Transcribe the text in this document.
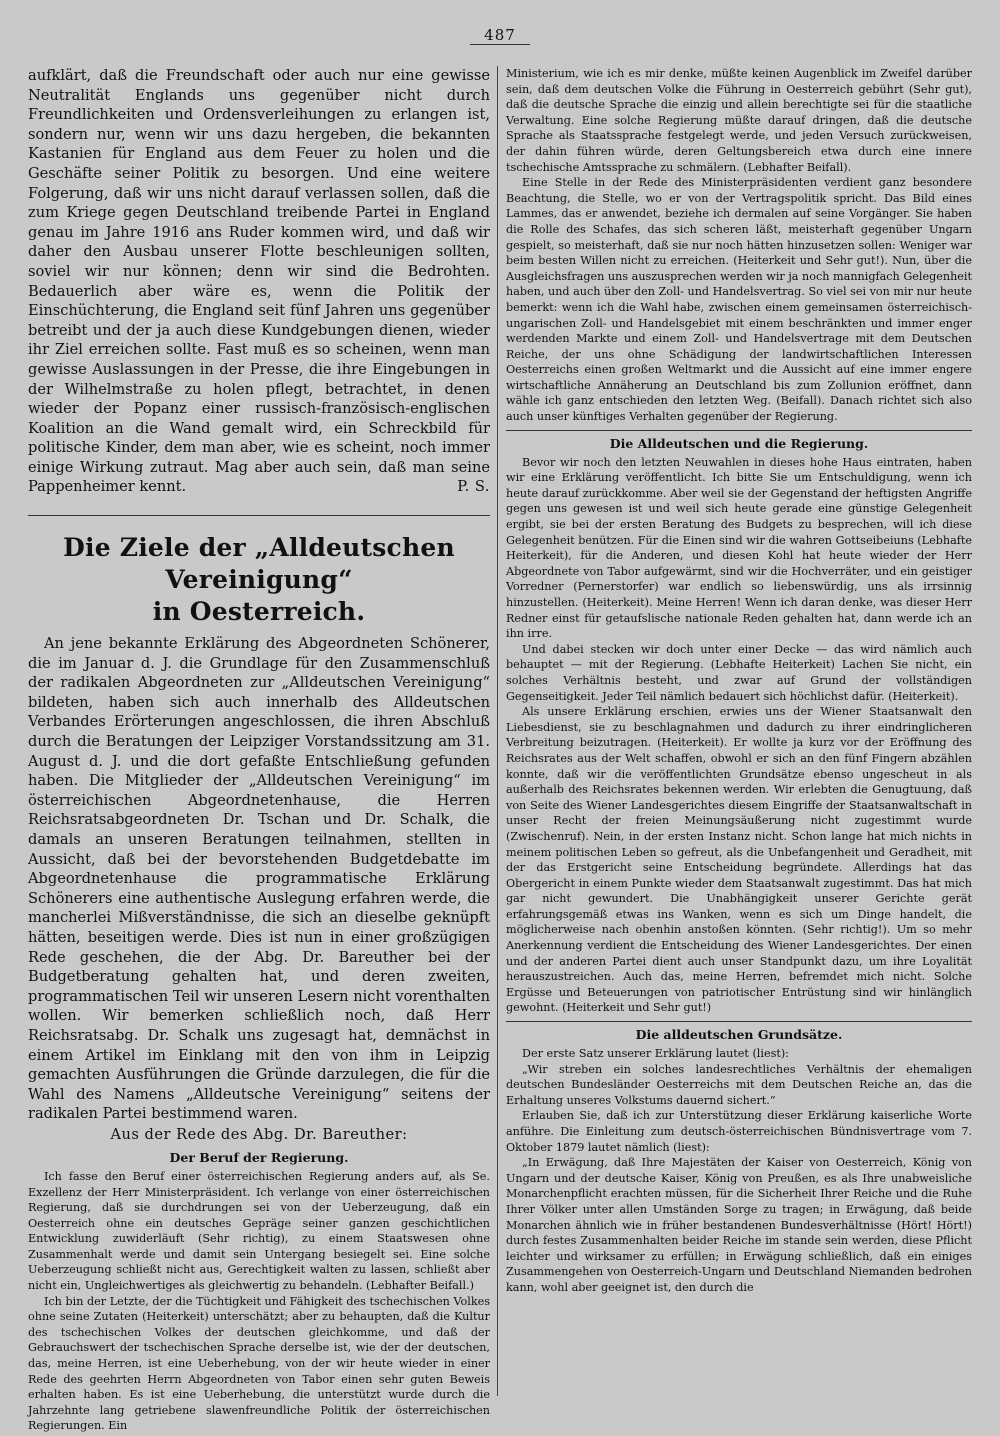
487

aufklärt, daß die Freundschaft oder auch nur eine gewisse Neutralität Englands uns gegenüber nicht durch Freundlichkeiten und Ordensverleihungen zu erlangen ist, sondern nur, wenn wir uns dazu hergeben, die bekannten Kastanien für England aus dem Feuer zu holen und die Geschäfte seiner Politik zu besorgen. Und eine weitere Folgerung, daß wir uns nicht darauf verlassen sollen, daß die zum Kriege gegen Deutschland treibende Partei in England genau im Jahre 1916 ans Ruder kommen wird, und daß wir daher den Ausbau unserer Flotte beschleunigen sollten, soviel wir nur können; denn wir sind die Bedrohten. Bedauerlich aber wäre es, wenn die Politik der Einschüchterung, die England seit fünf Jahren uns gegenüber betreibt und der ja auch diese Kundgebungen dienen, wieder ihr Ziel erreichen sollte. Fast muß es so scheinen, wenn man gewisse Auslassungen in der Presse, die ihre Eingebungen in der Wilhelmstraße zu holen pflegt, betrachtet, in denen wieder der Popanz einer russisch-französisch-englischen Koalition an die Wand gemalt wird, ein Schreckbild für politische Kinder, dem man aber, wie es scheint, noch immer einige Wirkung zutraut. Mag aber auch sein, daß man seine Pappenheimer kennt.	P. S.

Die Ziele der „Alldeutschen Vereinigung“
in Oesterreich.

An jene bekannte Erklärung des Abgeordneten Schönerer, die im Januar d. J. die Grundlage für den Zusammenschluß der radikalen Abgeordneten zur „Alldeutschen Vereinigung“ bildeten, haben sich auch innerhalb des Alldeutschen Verbandes Erörterungen angeschlossen, die ihren Abschluß durch die Beratungen der Leipziger Vorstandssitzung am 31. August d. J. und die dort gefaßte Entschließung gefunden haben. Die Mitglieder der „Alldeutschen Vereinigung“ im österreichischen Abgeordnetenhause, die Herren Reichsratsabgeordneten Dr. Tschan und Dr. Schalk, die damals an unseren Beratungen teilnahmen, stellten in Aussicht, daß bei der bevorstehenden Budgetdebatte im Abgeordnetenhause die programmatische Erklärung Schönerers eine authentische Auslegung erfahren werde, die mancherlei Mißverständnisse, die sich an dieselbe geknüpft hätten, beseitigen werde. Dies ist nun in einer großzügigen Rede geschehen, die der Abg. Dr. Bareuther bei der Budgetberatung gehalten hat, und deren zweiten, programmatischen Teil wir unseren Lesern nicht vorenthalten wollen. Wir bemerken schließlich noch, daß Herr Reichsratsabg. Dr. Schalk uns zugesagt hat, demnächst in einem Artikel im Einklang mit den von ihm in Leipzig gemachten Ausführungen die Gründe darzulegen, die für die Wahl des Namens „Alldeutsche Vereinigung“ seitens der radikalen Partei bestimmend waren.

Aus der Rede des Abg. Dr. Bareuther:
Der Beruf der Regierung.

Ich fasse den Beruf einer österreichischen Regierung anders auf, als Se. Exzellenz der Herr Ministerpräsident. Ich verlange von einer österreichischen Regierung, daß sie durchdrungen sei von der Ueberzeugung, daß ein Oesterreich ohne ein deutsches Gepräge seiner ganzen geschichtlichen Entwicklung zuwiderläuft (Sehr richtig), zu einem Staatswesen ohne Zusammenhalt werde und damit sein Untergang besiegelt sei. Eine solche Ueberzeugung schließt nicht aus, Gerechtigkeit walten zu lassen, schließt aber nicht ein, Ungleichwertiges als gleichwertig zu behandeln. (Lebhafter Beifall.)

Ich bin der Letzte, der die Tüchtigkeit und Fähigkeit des tschechischen Volkes ohne seine Zutaten (Heiterkeit) unterschätzt; aber zu behaupten, daß die Kultur des tschechischen Volkes der deutschen gleichkomme, und daß der Gebrauchswert der tschechischen Sprache derselbe ist, wie der der deutschen, das, meine Herren, ist eine Ueberhebung, von der wir heute wieder in einer Rede des geehrten Herrn Abgeordneten von Tabor einen sehr guten Beweis erhalten haben. Es ist eine Ueberhebung, die unterstützt wurde durch die Jahrzehnte lang getriebene slawenfreundliche Politik der österreichischen Regierungen. Ein

Ministerium, wie ich es mir denke, müßte keinen Augenblick im Zweifel darüber sein, daß dem deutschen Volke die Führung in Oesterreich gebührt (Sehr gut), daß die deutsche Sprache die einzig und allein berechtigte sei für die staatliche Verwaltung. Eine solche Regierung müßte darauf dringen, daß die deutsche Sprache als Staatssprache festgelegt werde, und jeden Versuch zurückweisen, der dahin führen würde, deren Geltungsbereich etwa durch eine innere tschechische Amtssprache zu schmälern. (Lebhafter Beifall).

Eine Stelle in der Rede des Ministerpräsidenten verdient ganz besondere Beachtung, die Stelle, wo er von der Vertragspolitik spricht. Das Bild eines Lammes, das er anwendet, beziehe ich dermalen auf seine Vorgänger. Sie haben die Rolle des Schafes, das sich scheren läßt, meisterhaft gegenüber Ungarn gespielt, so meisterhaft, daß sie nur noch hätten hinzusetzen sollen: Weniger war beim besten Willen nicht zu erreichen. (Heiterkeit und Sehr gut!). Nun, über die Ausgleichsfragen uns auszusprechen werden wir ja noch mannigfach Gelegenheit haben, und auch über den Zoll- und Handelsvertrag. So viel sei von mir nur heute bemerkt: wenn ich die Wahl habe, zwischen einem gemeinsamen österreichisch-ungarischen Zoll- und Handelsgebiet mit einem beschränkten und immer enger werdenden Markte und einem Zoll- und Handelsvertrage mit dem Deutschen Reiche, der uns ohne Schädigung der landwirtschaftlichen Interessen Oesterreichs einen großen Weltmarkt und die Aussicht auf eine immer engere wirtschaftliche Annäherung an Deutschland bis zum Zollunion eröffnet, dann wähle ich ganz entschieden den letzten Weg. (Beifall). Danach richtet sich also auch unser künftiges Verhalten gegenüber der Regierung.

Die Alldeutschen und die Regierung.

Bevor wir noch den letzten Neuwahlen in dieses hohe Haus eintraten, haben wir eine Erklärung veröffentlicht. Ich bitte Sie um Entschuldigung, wenn ich heute darauf zurückkomme. Aber weil sie der Gegenstand der heftigsten Angriffe gegen uns gewesen ist und weil sich heute gerade eine günstige Gelegenheit ergibt, sie bei der ersten Beratung des Budgets zu besprechen, will ich diese Gelegenheit benützen. Für die Einen sind wir die wahren Gottseibeiuns (Lebhafte Heiterkeit), für die Anderen, und diesen Kohl hat heute wieder der Herr Abgeordnete von Tabor aufgewärmt, sind wir die Hochverräter, und ein geistiger Vorredner (Pernerstorfer) war endlich so liebenswürdig, uns als irrsinnig hinzustellen. (Heiterkeit). Meine Herren! Wenn ich daran denke, was dieser Herr Redner einst für getaufslische nationale Reden gehalten hat, dann werde ich an ihn irre.

Und dabei stecken wir doch unter einer Decke — das wird nämlich auch behauptet — mit der Regierung. (Lebhafte Heiterkeit) Lachen Sie nicht, ein solches Verhältnis besteht, und zwar auf Grund der vollständigen Gegenseitigkeit. Jeder Teil nämlich bedauert sich höchlichst dafür. (Heiterkeit).

Als unsere Erklärung erschien, erwies uns der Wiener Staatsanwalt den Liebesdienst, sie zu beschlagnahmen und dadurch zu ihrer eindringlicheren Verbreitung beizutragen. (Heiterkeit). Er wollte ja kurz vor der Eröffnung des Reichsrates aus der Welt schaffen, obwohl er sich an den fünf Fingern abzählen konnte, daß wir die veröffentlichten Grundsätze ebenso ungescheut in als außerhalb des Reichsrates bekennen werden. Wir erlebten die Genugtuung, daß von Seite des Wiener Landesgerichtes diesem Eingriffe der Staatsanwaltschaft in unser Recht der freien Meinungsäußerung nicht zugestimmt wurde (Zwischenruf). Nein, in der ersten Instanz nicht. Schon lange hat mich nichts in meinem politischen Leben so gefreut, als die Unbefangenheit und Geradheit, mit der das Erstgericht seine Entscheidung begründete. Allerdings hat das Obergericht in einem Punkte wieder dem Staatsanwalt zugestimmt. Das hat mich gar nicht gewundert. Die Unabhängigkeit unserer Gerichte gerät erfahrungsgemäß etwas ins Wanken, wenn es sich um Dinge handelt, die möglicherweise nach obenhin anstoßen könnten. (Sehr richtig!). Um so mehr Anerkennung verdient die Entscheidung des Wiener Landesgerichtes. Der einen und der anderen Partei dient auch unser Standpunkt dazu, um ihre Loyalität herauszustreichen. Auch das, meine Herren, befremdet mich nicht. Solche Ergüsse und Beteuerungen von patriotischer Entrüstung sind wir hinlänglich gewohnt. (Heiterkeit und Sehr gut!)

Die alldeutschen Grundsätze.

Der erste Satz unserer Erklärung lautet (liest):

„Wir streben ein solches landesrechtliches Verhältnis der ehemaligen deutschen Bundesländer Oesterreichs mit dem Deutschen Reiche an, das die Erhaltung unseres Volkstums dauernd sichert.“

Erlauben Sie, daß ich zur Unterstützung dieser Erklärung kaiserliche Worte anführe. Die Einleitung zum deutsch-österreichischen Bündnisvertrage vom 7. Oktober 1879 lautet nämlich (liest):

„In Erwägung, daß Ihre Majestäten der Kaiser von Oesterreich, König von Ungarn und der deutsche Kaiser, König von Preußen, es als Ihre unabweisliche Monarchenpflicht erachten müssen, für die Sicherheit Ihrer Reiche und die Ruhe Ihrer Völker unter allen Umständen Sorge zu tragen; in Erwägung, daß beide Monarchen ähnlich wie in früher bestandenen Bundesverhältnisse (Hört! Hört!) durch festes Zusammenhalten beider Reiche im stande sein werden, diese Pflicht leichter und wirksamer zu erfüllen; in Erwägung schließlich, daß ein einiges Zusammengehen von Oesterreich-Ungarn und Deutschland Niemanden bedrohen kann, wohl aber geeignet ist, den durch die
